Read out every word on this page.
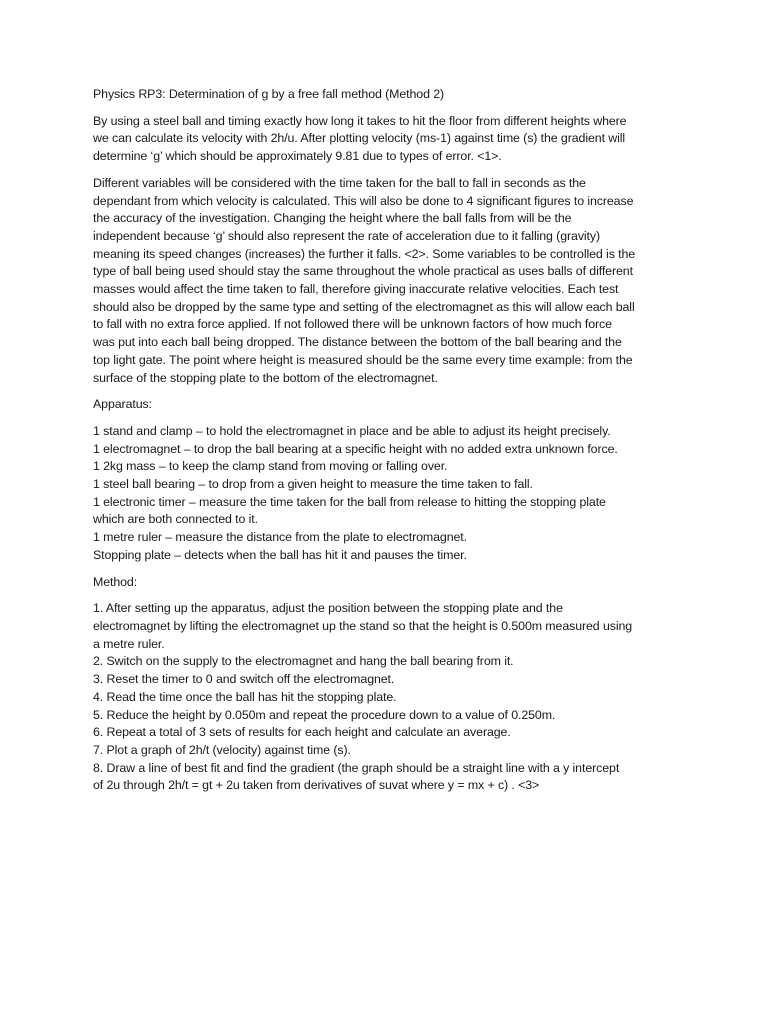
Physics RP3: Determination of g by a free fall method (Method 2)

By using a steel ball and timing exactly how long it takes to hit the floor from different heights where
we can calculate its velocity with 2h/u. After plotting velocity (ms-1) against time (s) the gradient will
determine ‘g’ which should be approximately 9.81 due to types of error. <1>.

Different variables will be considered with the time taken for the ball to fall in seconds as the
dependant from which velocity is calculated. This will also be done to 4 significant figures to increase
the accuracy of the investigation. Changing the height where the ball falls from will be the
independent because ‘g’ should also represent the rate of acceleration due to it falling (gravity)
meaning its speed changes (increases) the further it falls. <2>. Some variables to be controlled is the
type of ball being used should stay the same throughout the whole practical as uses balls of different
masses would affect the time taken to fall, therefore giving inaccurate relative velocities. Each test
should also be dropped by the same type and setting of the electromagnet as this will allow each ball
to fall with no extra force applied. If not followed there will be unknown factors of how much force
was put into each ball being dropped. The distance between the bottom of the ball bearing and the
top light gate. The point where height is measured should be the same every time example: from the
surface of the stopping plate to the bottom of the electromagnet.

Apparatus:

1 stand and clamp – to hold the electromagnet in place and be able to adjust its height precisely.
1 electromagnet – to drop the ball bearing at a specific height with no added extra unknown force.
1 2kg mass – to keep the clamp stand from moving or falling over.
1 steel ball bearing – to drop from a given height to measure the time taken to fall.
1 electronic timer – measure the time taken for the ball from release to hitting the stopping plate
which are both connected to it.
1 metre ruler – measure the distance from the plate to electromagnet.
Stopping plate – detects when the ball has hit it and pauses the timer.

Method:

1. After setting up the apparatus, adjust the position between the stopping plate and the
electromagnet by lifting the electromagnet up the stand so that the height is 0.500m measured using
a metre ruler.
2. Switch on the supply to the electromagnet and hang the ball bearing from it.
3. Reset the timer to 0 and switch off the electromagnet.
4. Read the time once the ball has hit the stopping plate.
5. Reduce the height by 0.050m and repeat the procedure down to a value of 0.250m.
6. Repeat a total of 3 sets of results for each height and calculate an average.
7. Plot a graph of 2h/t (velocity) against time (s).
8. Draw a line of best fit and find the gradient (the graph should be a straight line with a y intercept
of 2u through 2h/t = gt + 2u taken from derivatives of suvat where y = mx + c) . <3>
